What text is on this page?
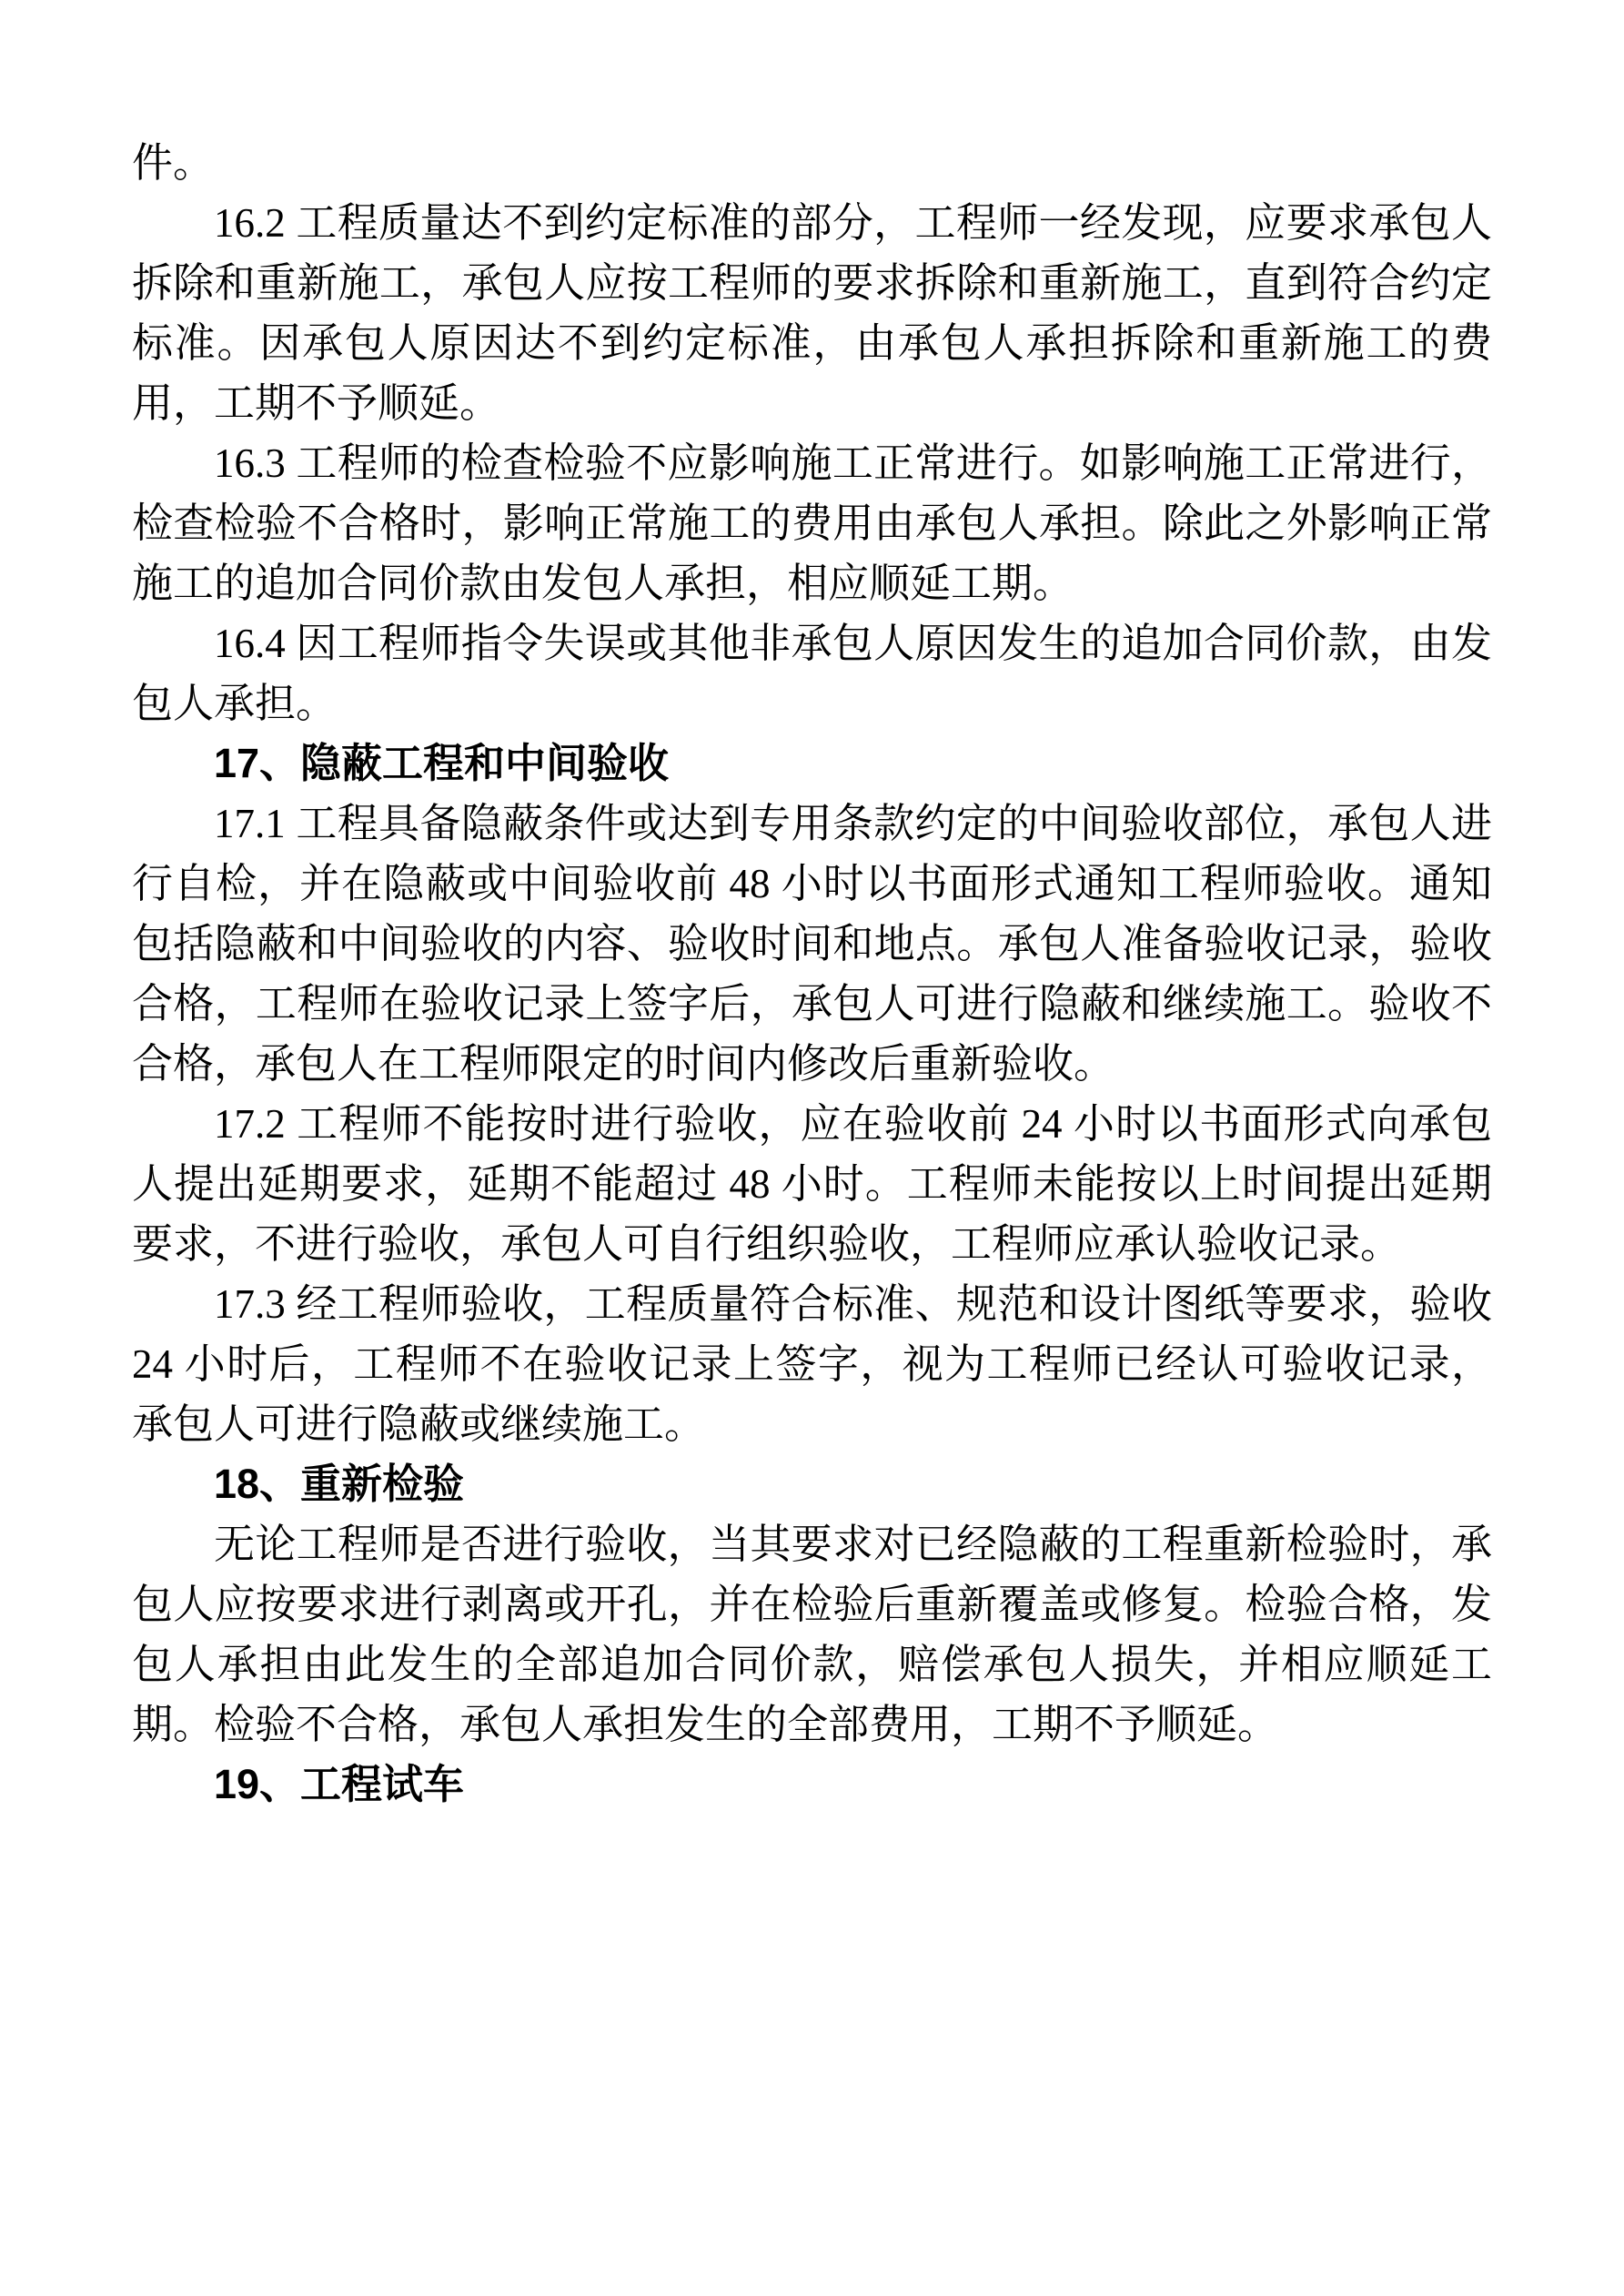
件。

16.2 工程质量达不到约定标准的部分，工程师一经发现，应要求承包人拆除和重新施工，承包人应按工程师的要求拆除和重新施工，直到符合约定标准。因承包人原因达不到约定标准，由承包人承担拆除和重新施工的费用，工期不予顺延。

16.3 工程师的检查检验不应影响施工正常进行。如影响施工正常进行，检查检验不合格时，影响正常施工的费用由承包人承担。除此之外影响正常施工的追加合同价款由发包人承担，相应顺延工期。

16.4 因工程师指令失误或其他非承包人原因发生的追加合同价款，由发包人承担。

17、隐蔽工程和中间验收

17.1 工程具备隐蔽条件或达到专用条款约定的中间验收部位，承包人进行自检，并在隐蔽或中间验收前 48 小时以书面形式通知工程师验收。通知包括隐蔽和中间验收的内容、验收时间和地点。承包人准备验收记录，验收合格，工程师在验收记录上签字后，承包人可进行隐蔽和继续施工。验收不合格，承包人在工程师限定的时间内修改后重新验收。

17.2 工程师不能按时进行验收，应在验收前 24 小时以书面形式向承包人提出延期要求，延期不能超过 48 小时。工程师未能按以上时间提出延期要求，不进行验收，承包人可自行组织验收，工程师应承认验收记录。

17.3 经工程师验收，工程质量符合标准、规范和设计图纸等要求，验收 24 小时后，工程师不在验收记录上签字，视为工程师已经认可验收记录，承包人可进行隐蔽或继续施工。

18、重新检验

无论工程师是否进行验收，当其要求对已经隐蔽的工程重新检验时，承包人应按要求进行剥离或开孔，并在检验后重新覆盖或修复。检验合格，发包人承担由此发生的全部追加合同价款，赔偿承包人损失，并相应顺延工期。检验不合格，承包人承担发生的全部费用，工期不予顺延。

19、工程试车
